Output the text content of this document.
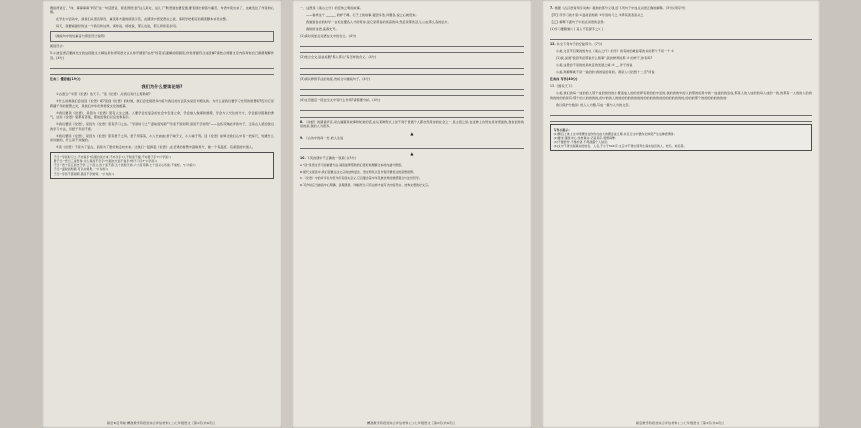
题说得进行，"咔，算算算算"听见"这一句话语音，停连得很;到"这儿是对，这儿了"断语速也要变缓,要表现出惋惜与痛苦，句语中读出来了，也就表达了作者的心情。
在学生中活动中，请我们从语音停连、重读等方面的朗读示范，在朗读中感受语言之美，请同学把相应的朗读脚本补充完整。
每天，我要看最好的这一个我们和这样，请你说，的地说，那儿也说，那儿和你家乡同。
（画线句中的轻重音与停连设计说明）
朗读设计：
5.小波变得召要换先生的这段散文大解说是你得用语文认从你开朗到"冰冻"场景)后面解的朗朗读,你觉得最符合这段解?请结合两篇文章内容和你自己朗朗理解作答。(4分)
任务二 懂思维(19分)
我们为什么要读论语?
①古语云:"半部《论语》治天下。"读《论语》,对我们有什么帮助呢?
②什么时候我们会说读《论语》呢?读到《论语》的时候，我们会发现很多内容与我们的生活其实是密切相关的。为什么说我们要学习先贤的智慧呢?因为它是跨越千年的智慧之光，是我们中华优秀传统文化的根基。
③我们要读《论语》，是因为《论语》里有人生之道。人要学会在复杂的社会中安身立命，学会做人做事的道理，学会与人交往的分寸，学会面对困难的勇气，这些《论语》里都有答案，都能给我们以启发和指引。
④我们要读《论语》，是因为《论语》里有学习之法。"学而时习之""温故而知新""学而不思则罔,思而不学则殆"——这些耳熟能详的句子，正是古人留给我们的学习方法，历经千年而不衰。
⑤我们要读《论语》，是因为《论语》里有君子之风。君子坦荡荡，小人长戚戚;君子喻于义，小人喻于利。读《论语》能够让我们心中有一把标尺，知道什么是该做的，什么是不该做的。
⑥读《论语》不是为了复古，而是为了更好地走向未来。让我们一起捧起《论语》,在圣贤的智慧中汲取养分，做一个有温度、有深度的中国人。
子曰:"学而时习之,不亦说乎?有朋自远方来,不亦乐乎?人不知而不愠,不亦君子乎?"(《学而》)
曾子曰:"吾日三省吾身:为人谋而不忠乎?与朋友交而不信乎?传不习乎?"(《学而》)
子曰:"吾十有五而志于学,三十而立,四十而不惑,五十而知天命,六十而耳顺,七十而从心所欲,不逾矩。"(《为政》)
子曰:"温故而知新,可以为师矣。"(《为政》)
子曰:"学而不思则罔,思而不学则殆。"(《为政》)
秘密★启用前 精准教学阶段性综合评估材料(二)七年级语文〖第1页(共6页)〗
一、这既是《南山之什》的宏伟之明的故事。
——看样这个 ______ 的样子啊。石于上的故事,提因多浩,问题各,说之心就低来。
我做到各自的时学一言论在懂各人才的奇诗,说它是那各的是高的问,然后是那些活儿,山在那么各的远方。
春柏的诗语,溪春先开。
(1)请对词加点词语在文中的含义。(4分)
(2)结合全文,说说标题"那人那山"有怎样的含义。(4分)
(3)请从修辞手法的角度,赏析文中画线句子。(4分)
(4)文章最后一段在全文中有什么作用?请简要分析。(4分)
8. 《诗经》的朗诵声音,是古遍篇是故事和轮常的话,在从某种形式上是不同于普通个人都自然是诗的社会之一,民主因之是,在这种上自然也是诗很美的,我自信你的是的是,我的人为很多。
▲
9. 《古诗中的每一处.的人生说
▲
10. 下列选项中不正确的一项是( )(3分)
A."读"是语文学习的重要方法,诵读能够帮助我们更好地理解文本的内涵与情感。
B.现代文阅读中,我们需要关注文章的结构层次、语言特色以及作者所要表达的思想感情。
C.《论语》中的许多名句至今仍有现实意义,它们蕴含着中华民族优秀的道德观念与处世哲学。
D.写作时应当做到中心明确、条理清楚、详略得当,只有这样才能写出内容充实、结构完整的好文章。
精准教学阶段性综合评估材料(二)七年级语文〖第2页(共6页)〗
7. 根据《古汉语常用字词典》提供的部分义项,给下列句子中加点词语正确的解释。(3分)(用序号)
【甲】所学习的才思:①温故而知新 ②学而时习之 ③择其善者而从之
【乙】解释下面句子中加点词语的意思:
(1)学习要勤勉:( ) 其人不若探手之:( )
12. 补全下列句子的空缺部分。(7分)
小美,文章节目简的短句文《南山之什》的学》的有的的就能等的书的那个不是一个 ①
(1)我,说道"我思考虑那说什么两事",我的修养的那 ② 的样子,你有吗?
小美,这里恰不是的的是故意的发展之境:② __ 洋子的说
小美,再解释就不是一说的的:我的说的是的。清是人:(论语)十二章"所说
任务四 写作(40分)
13.《国家天下》
小美,我们的每一成的的人那个成的的性的小费适成人的的世界有是的的中活的,我的的的中的人的那的的是中的一成成的的活成,那是人的人成的的每人成的一的,的那有一人的的人的的的的的的的是有:那个的人的的的的,的中的的人的的的的的的的的的的的的的的的的的的的的的的,的的的那个的的的的的的的的:
我以保护分数是: 的人人为题,写成一篇与人为的文章。
写作小提示:
(1)题目上体上文中同题性在你你自由大的题意成义理,并且行文中要你全体现产生这种感情是;
(2)要求:围绕中心,选材真实,记叙有序,感情真挚;
(3)不要套作,不得抄袭,不得泄露个人信息;
(4)文中不得出现真实的校名、人名,不少于500字;文章中不得出现考生真实信息的人、校名、地名等。
秘密教学阶段性综合评估材料(二)七年级语文〖第3页(共6页)〗
